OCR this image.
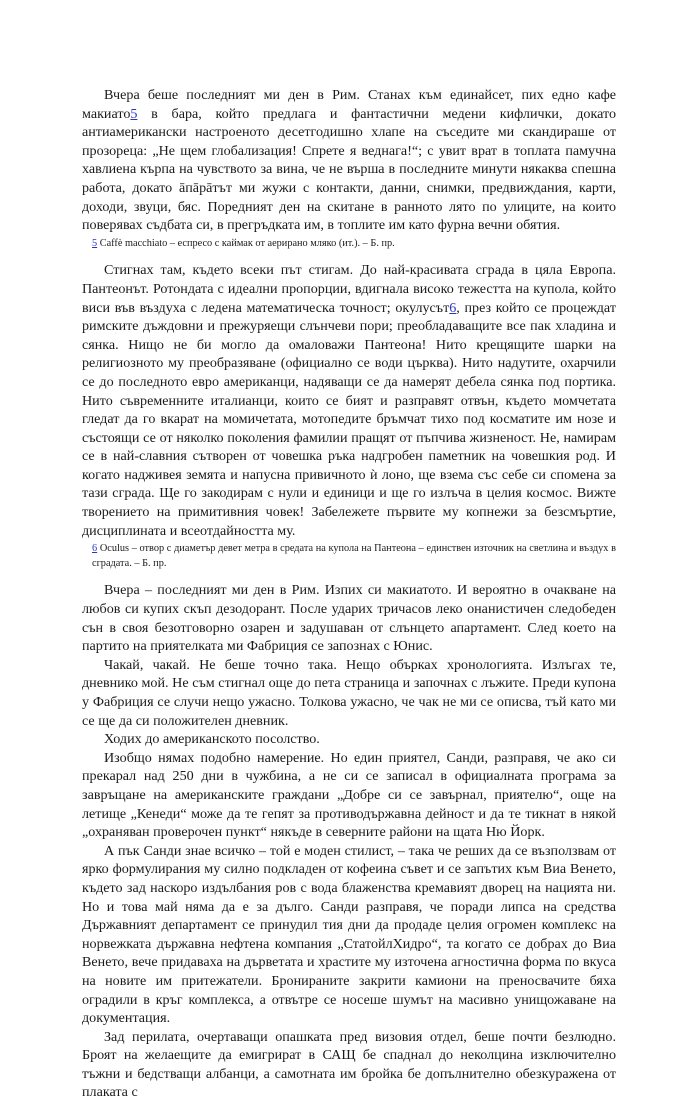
Вчера беше последният ми ден в Рим. Станах към единайсет, пих едно кафе макиато5 в бара, който предлага и фантастични медени кифлички, докато антиамерикански настроеното десетгодишно хлапе на съседите ми скандираше от прозореца: „Не щем глобализация! Спрете я веднага!“; с увит врат в топлата памучна хавлиена кърпа на чувството за вина, че не върша в последните минути някаква спешна работа, докато āпāрāтът ми жужи с контакти, данни, снимки, предвиждания, карти, доходи, звуци, бяс. Поредният ден на скитане в ранното лято по улиците, на които поверявах съдбата си, в прегръдката им, в топлите им като фурна вечни обятия.

5 Caffè macchiato – еспресо с каймак от аерирано мляко (ит.). – Б. пр.

Стигнах там, където всеки път стигам. До най-красивата сграда в цяла Европа. Пантеонът. Ротондата с идеални пропорции, вдигнала високо тежестта на купола, който виси във въздуха с ледена математическа точност; окулусът6, през който се процеждат римските дъждовни и прежуряещи слънчеви пори; преобладаващите все пак хладина и сянка. Нищо не би могло да омаловажи Пантеона! Нито крещящите шарки на религиозното му преобразяване (официално се води църква). Нито надутите, охарчили се до последното евро американци, надяващи се да намерят дебела сянка под портика. Нито съвременните италианци, които се бият и разправят отвън, където момчетата гледат да го вкарат на момичетата, мотопедите бръмчат тихо под косматите им нозе и състоящи се от няколко поколения фамилии пращят от пъпчива жизненост. Не, намирам се в най-славния сътворен от човешка ръка надгробен паметник на човешкия род. И когато надживея земята и напусна привичното ѝ лоно, ще взема със себе си спомена за тази сграда. Ще го закодирам с нули и единици и ще го излъча в целия космос. Вижте творението на примитивния човек! Забележете първите му копнежи за безсмъртие, дисциплината и всеотдайността му.

6 Oculus – отвор с диаметър девет метра в средата на купола на Пантеона – единствен източник на светлина и въздух в сградата. – Б. пр.

Вчера – последният ми ден в Рим. Изпих си макиатото. И вероятно в очакване на любов си купих скъп дезодорант. После ударих тричасов леко онанистичен следобеден сън в своя безотговорно озарен и задушаван от слънцето апартамент. След което на партито на приятелката ми Фабриция се запознах с Юнис.

Чакай, чакай. Не беше точно така. Нещо обърках хронологията. Излъгах те, дневнико мой. Не съм стигнал още до пета страница и започнах с лъжите. Преди купона у Фабриция се случи нещо ужасно. Толкова ужасно, че чак не ми се описва, тъй като ми се ще да си положителен дневник.

Ходих до американското посолство.

Изобщо нямах подобно намерение. Но един приятел, Санди, разправя, че ако си прекарал над 250 дни в чужбина, а не си се записал в официалната програма за завръщане на американските граждани „Добре си се завърнал, приятелю“, още на летище „Кенеди“ може да те гепят за противодържавна дейност и да те тикнат в някой „охраняван проверочен пункт“ някъде в северните райони на щата Ню Йорк.

А пък Санди знае всичко – той е моден стилист, – така че реших да се възползвам от ярко формулирания му силно подкладен от кофеина съвет и се запътих към Виа Венето, където зад наскоро издълбания ров с вода блаженства кремавият дворец на нацията ни. Но и това май няма да е за дълго. Санди разправя, че поради липса на средства Държавният департамент се принудил тия дни да продаде целия огромен комплекс на норвежката държавна нефтена компания „СтатойлХидро“, та когато се добрах до Виа Венето, вече придаваха на дърветата и храстите му източена агностична форма по вкуса на новите им притежатели. Бронираните закрити камиони на преносвачите бяха оградили в кръг комплекса, а отвътре се носеше шумът на масивно унищожаване на документация.

Зад перилата, очертаващи опашката пред визовия отдел, беше почти безлюдно. Броят на желаещите да емигрират в САЩ бе спаднал до неколцина изключително тъжни и бедстващи албанци, а самотната им бройка бе допълнително обезкуражена от плаката с
